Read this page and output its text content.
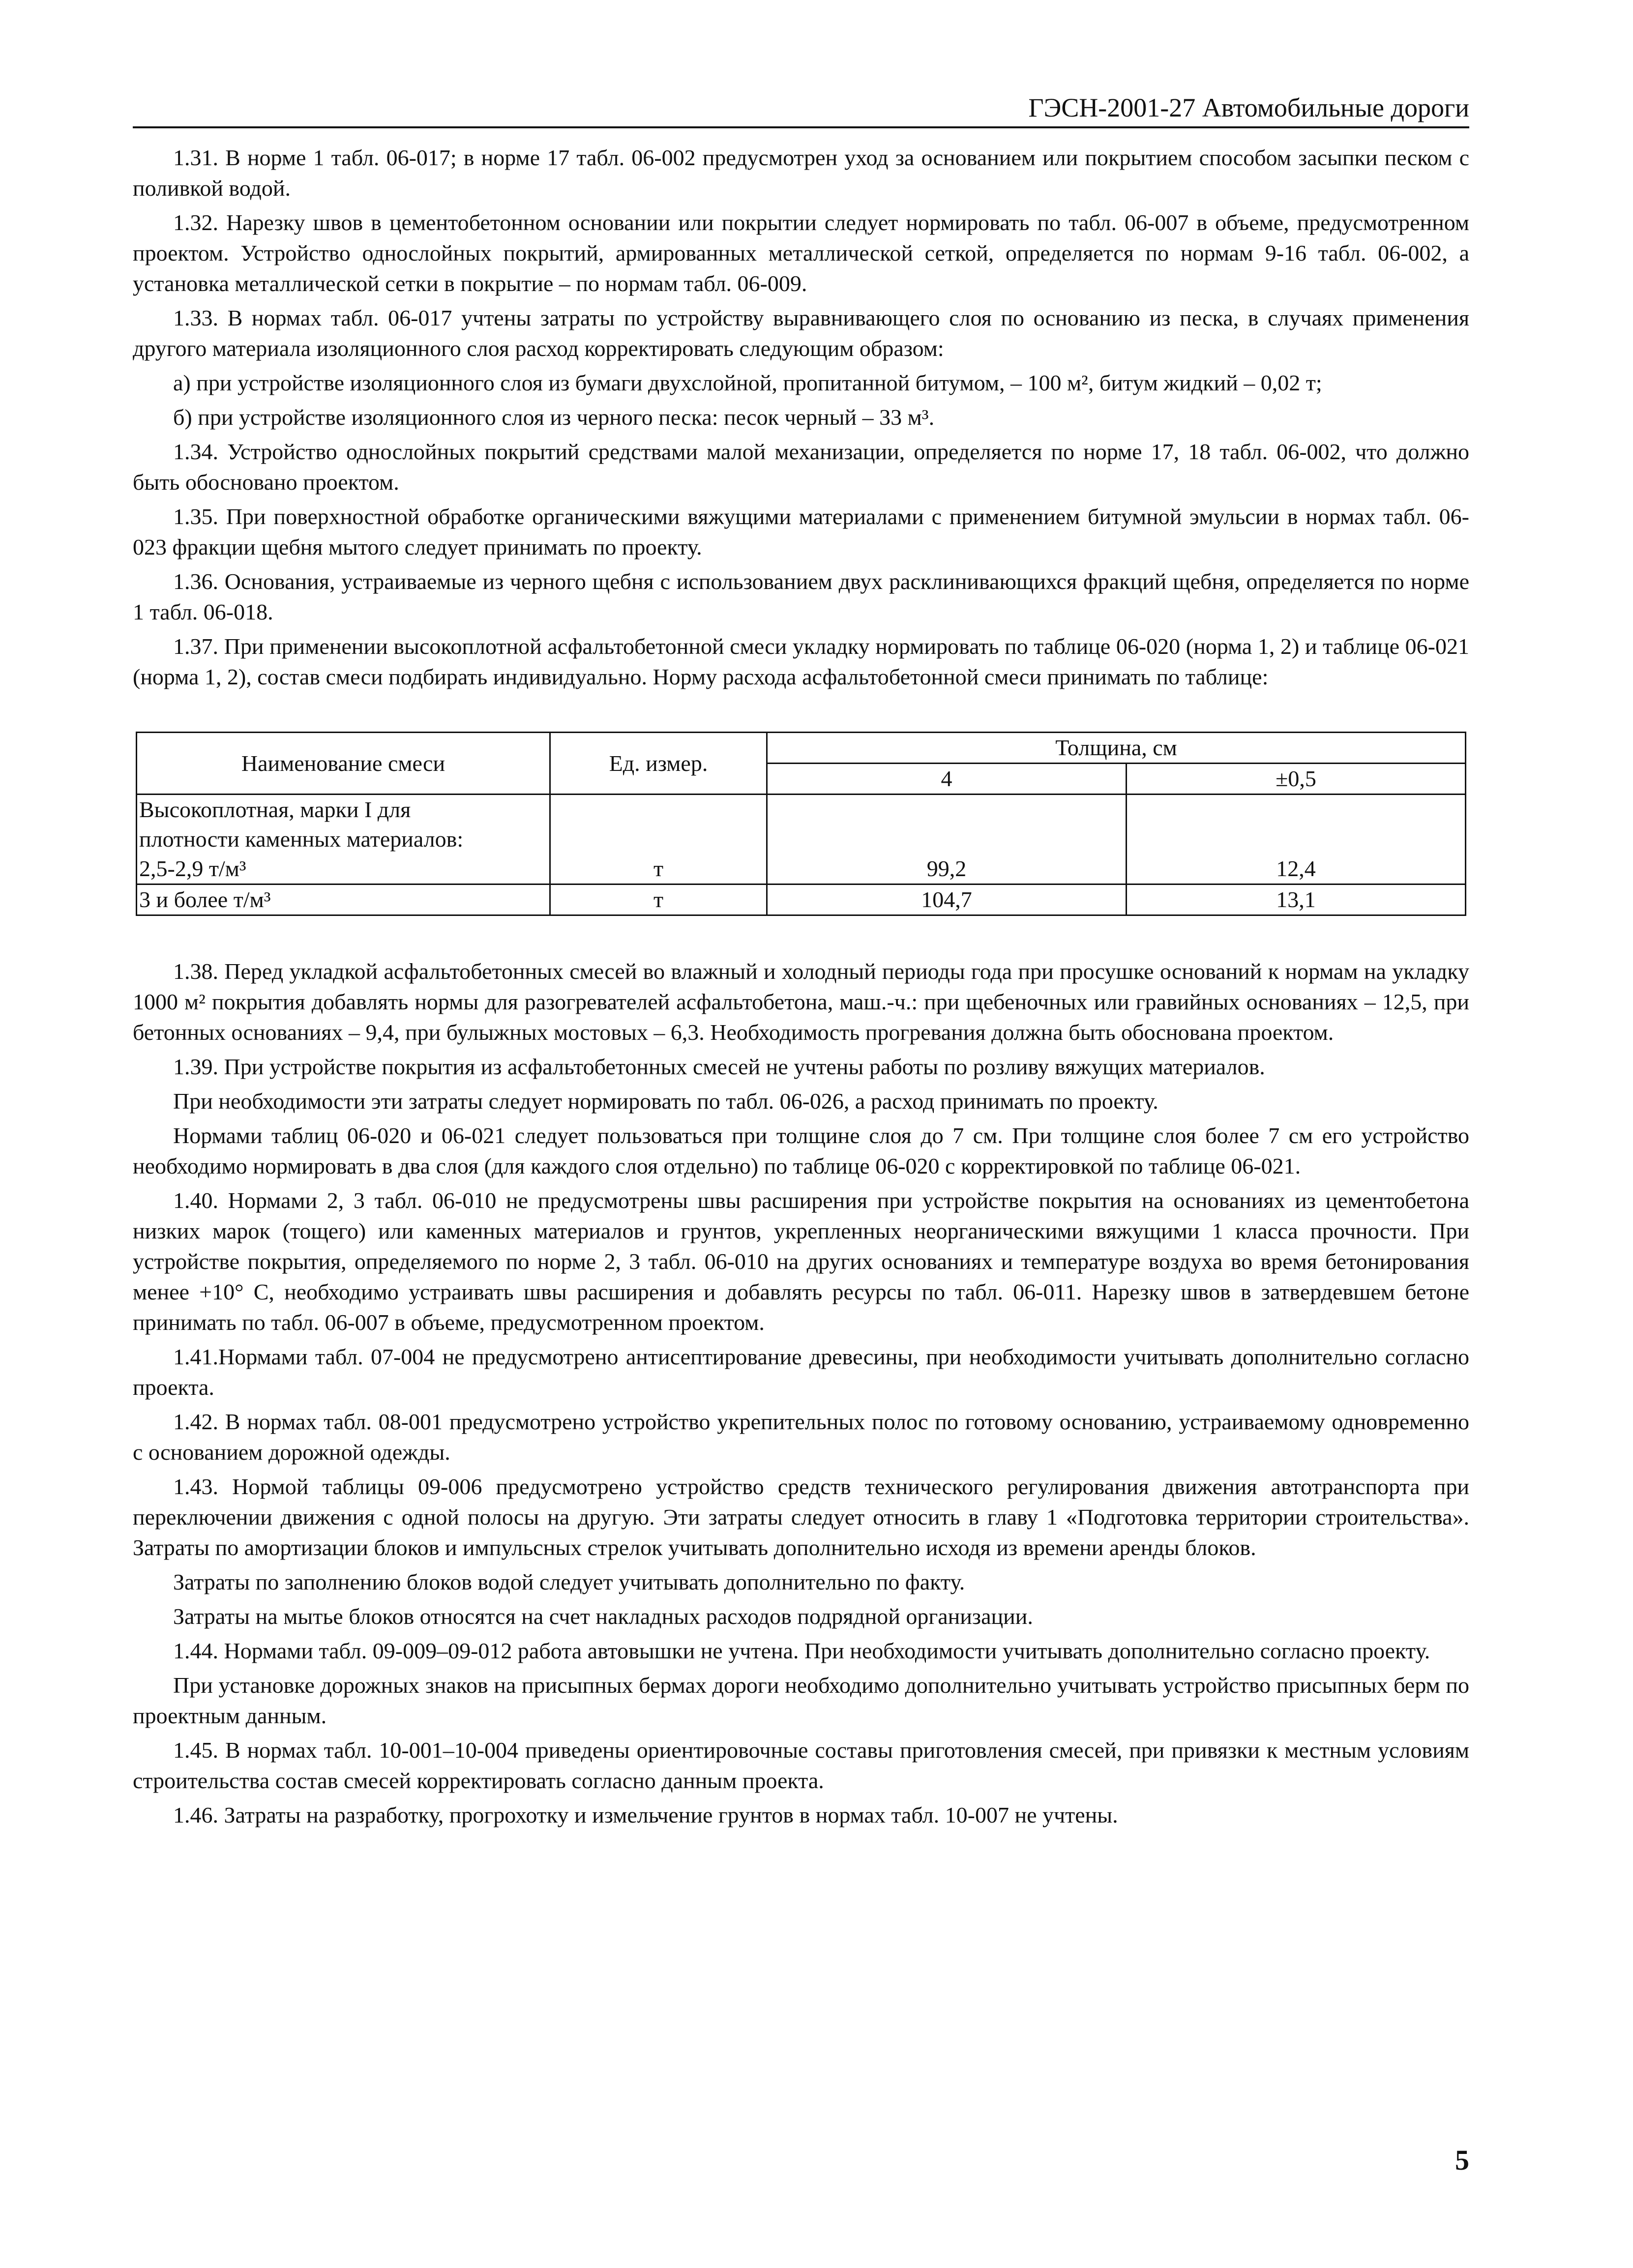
ГЭСН-2001-27 Автомобильные дороги

1.31. В норме 1 табл. 06-017; в норме 17 табл. 06-002 предусмотрен уход за основанием или покрытием способом засыпки песком с поливкой водой.

1.32. Нарезку швов в цементобетонном основании или покрытии следует нормировать по табл. 06-007 в объеме, предусмотренном проектом. Устройство однослойных покрытий, армированных металлической сеткой, определяется по нормам 9-16 табл. 06-002, а установка металлической сетки в покрытие – по нормам табл. 06-009.

1.33. В нормах табл. 06-017 учтены затраты по устройству выравнивающего слоя по основанию из песка, в случаях применения другого материала изоляционного слоя расход корректировать следующим образом:

а) при устройстве изоляционного слоя из бумаги двухслойной, пропитанной битумом, – 100 м², битум жидкий – 0,02 т;

б) при устройстве изоляционного слоя из черного песка: песок черный – 33 м³.

1.34. Устройство однослойных покрытий средствами малой механизации, определяется по норме 17, 18 табл. 06-002, что должно быть обосновано проектом.

1.35. При поверхностной обработке органическими вяжущими материалами с применением битумной эмульсии в нормах табл. 06-023 фракции щебня мытого следует принимать по проекту.

1.36. Основания, устраиваемые из черного щебня с использованием двух расклинивающихся фракций щебня, определяется по норме 1 табл. 06-018.

1.37. При применении высокоплотной асфальтобетонной смеси укладку нормировать по таблице 06-020 (норма 1, 2) и таблице 06-021 (норма 1, 2), состав смеси подбирать индивидуально. Норму расхода асфальтобетонной смеси принимать по таблице:

Наименование смеси	Ед. измер.	Толщина, см	
		4	±0,5

Высокоплотная, марки I для
плотности каменных материалов:
2,5-2,9 т/м³	т	99,2	12,4
3 и более т/м³	т	104,7	13,1

1.38. Перед укладкой асфальтобетонных смесей во влажный и холодный периоды года при просушке оснований к нормам на укладку 1000 м² покрытия добавлять нормы для разогревателей асфальтобетона, маш.-ч.: при щебеночных или гравийных основаниях – 12,5, при бетонных основаниях – 9,4, при булыжных мостовых – 6,3. Необходимость прогревания должна быть обоснована проектом.

1.39. При устройстве покрытия из асфальтобетонных смесей не учтены работы по розливу вяжущих материалов.

При необходимости эти затраты следует нормировать по табл. 06-026, а расход принимать по проекту.

Нормами таблиц 06-020 и 06-021 следует пользоваться при толщине слоя до 7 см. При толщине слоя более 7 см его устройство необходимо нормировать в два слоя (для каждого слоя отдельно) по таблице 06-020 с корректировкой по таблице 06-021.

1.40. Нормами 2, 3 табл. 06-010 не предусмотрены швы расширения при устройстве покрытия на основаниях из цементобетона низких марок (тощего) или каменных материалов и грунтов, укрепленных неорганическими вяжущими 1 класса прочности. При устройстве покрытия, определяемого по норме 2, 3 табл. 06-010 на других основаниях и температуре воздуха во время бетонирования менее +10° С, необходимо устраивать швы расширения и добавлять ресурсы по табл. 06-011. Нарезку швов в затвердевшем бетоне принимать по табл. 06-007 в объеме, предусмотренном проектом.

1.41.Нормами табл. 07-004 не предусмотрено антисептирование древесины, при необходимости учитывать дополнительно согласно проекта.

1.42. В нормах табл. 08-001 предусмотрено устройство укрепительных полос по готовому основанию, устраиваемому одновременно с основанием дорожной одежды.

1.43. Нормой таблицы 09-006 предусмотрено устройство средств технического регулирования движения автотранспорта при переключении движения с одной полосы на другую. Эти затраты следует относить в главу 1 «Подготовка территории строительства». Затраты по амортизации блоков и импульсных стрелок учитывать дополнительно исходя из времени аренды блоков.

Затраты по заполнению блоков водой следует учитывать дополнительно по факту.

Затраты на мытье блоков относятся на счет накладных расходов подрядной организации.

1.44. Нормами табл. 09-009–09-012 работа автовышки не учтена. При необходимости учитывать дополнительно согласно проекту.

При установке дорожных знаков на присыпных бермах дороги необходимо дополнительно учитывать устройство присыпных берм по проектным данным.

1.45. В нормах табл. 10-001–10-004 приведены ориентировочные составы приготовления смесей, при привязки к местным условиям строительства состав смесей корректировать согласно данным проекта.

1.46. Затраты на разработку, прогрохотку и измельчение грунтов в нормах табл. 10-007 не учтены.

5
